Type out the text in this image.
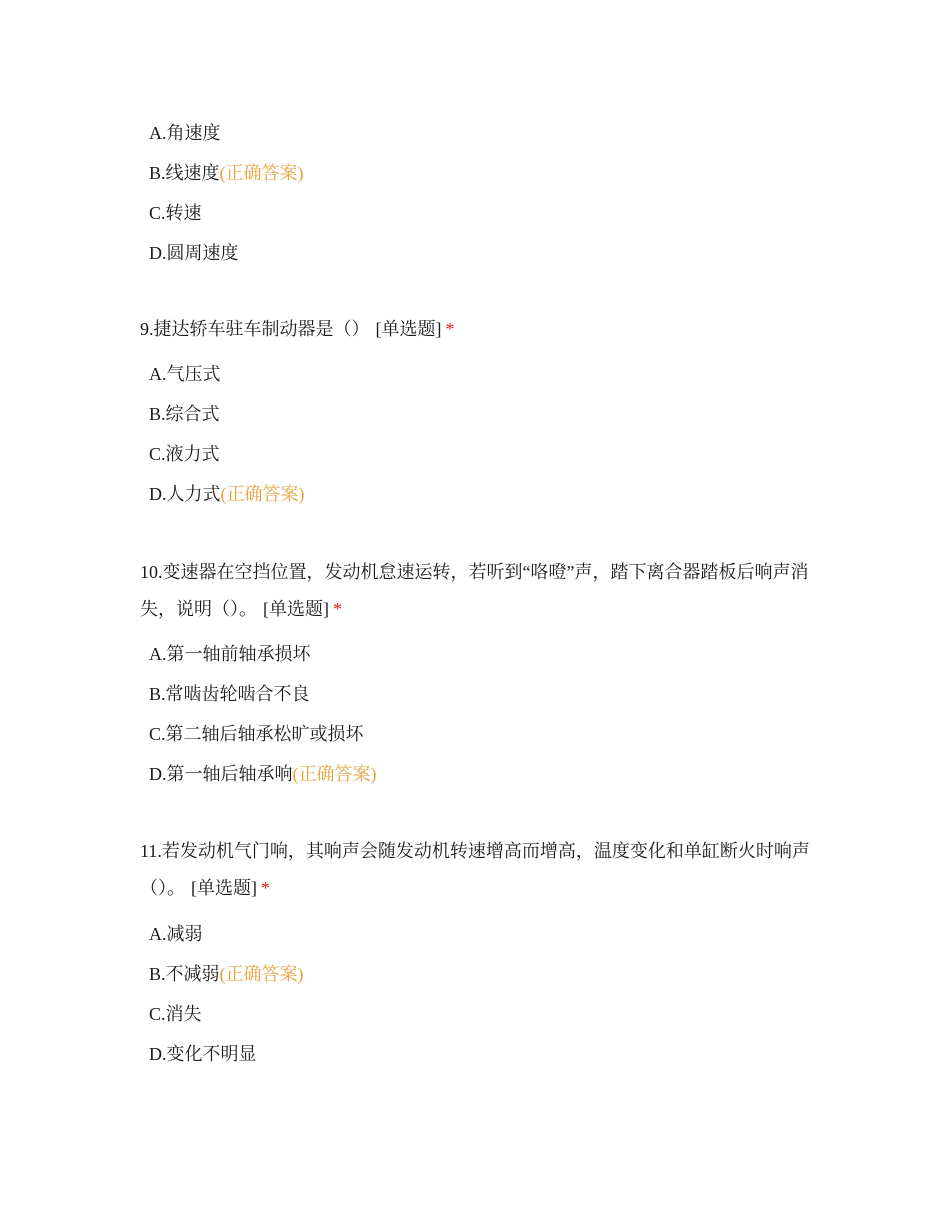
A.角速度
B.线速度(正确答案)
C.转速
D.圆周速度
9.捷达轿车驻车制动器是（） [单选题] *
A.气压式
B.综合式
C.液力式
D.人力式(正确答案)
10.变速器在空挡位置，发动机怠速运转，若听到“咯噔”声，踏下离合器踏板后响声消失，说明（）。 [单选题] *
A.第一轴前轴承损坏
B.常啮齿轮啮合不良
C.第二轴后轴承松旷或损坏
D.第一轴后轴承响(正确答案)
11.若发动机气门响，其响声会随发动机转速增高而增高，温度变化和单缸断火时响声（）。 [单选题] *
A.减弱
B.不减弱(正确答案)
C.消失
D.变化不明显
